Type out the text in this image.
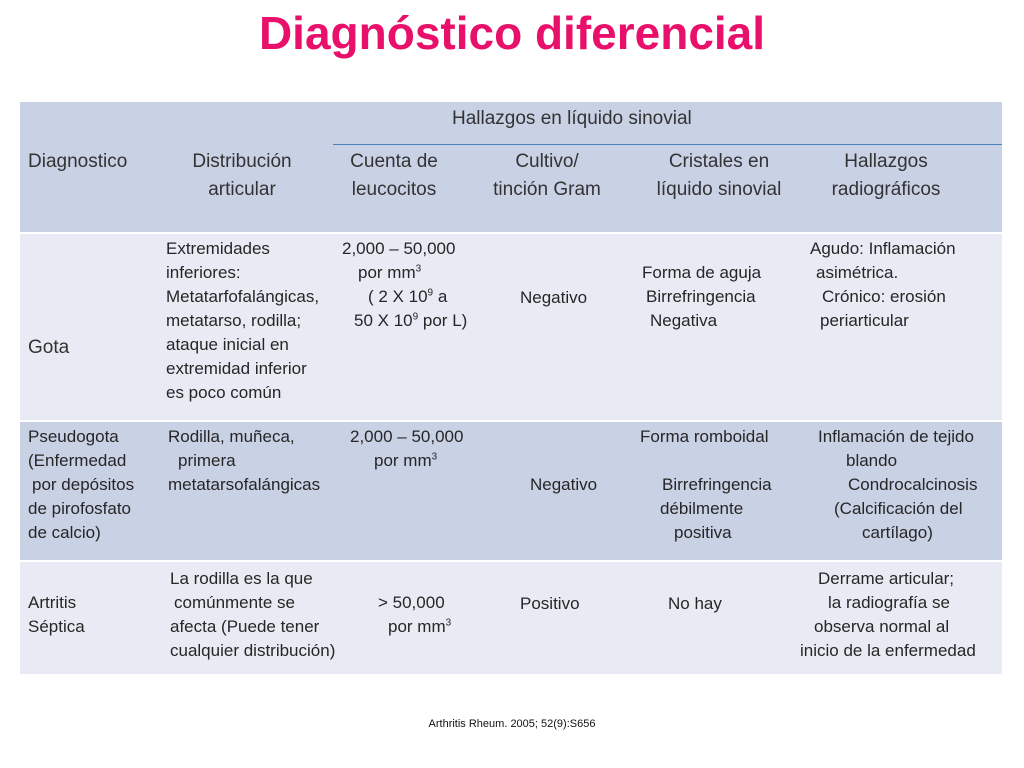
Diagnóstico diferencial
Hallazgos en líquido sinovial
Diagnostico	Distribución
articular
Cuenta de
leucocitos
Cultivo/
tinción Gram
Cristales en
líquido sinovial
Hallazgos
radiográficos
Gota
Extremidades
inferiores:
Metatarfofalángicas,
metatarso, rodilla;
ataque inicial en
extremidad inferior
es poco común
2,000 – 50,000
por $mm^3$
( 2 X $10^9$ a
50 X $10^9$ por L)
Negativo
Forma de aguja
Birrefringencia
Negativa
Agudo: Inflamación
asimétrica.
Crónico: erosión
periarticular
Pseudogota
(Enfermedad
por depósitos
de pirofosfato
de calcio)
Rodilla, muñeca,
primera
metatarsofalángicas
2,000 – 50,000
por $mm^3$
Negativo
Forma romboidal
Birrefringencia
débilmente
positiva
Inflamación de tejido
blando
Condrocalcinosis
(Calcificación del
cartílago)
Artritis
Séptica
La rodilla es la que
comúnmente se
afecta (Puede tener
cualquier distribución)
> 50,000
por $mm^3$
Positivo	No hay
Derrame articular;
la radiografía se
observa normal al
inicio de la enfermedad
Arthritis Rheum. 2005; 52(9):S656
